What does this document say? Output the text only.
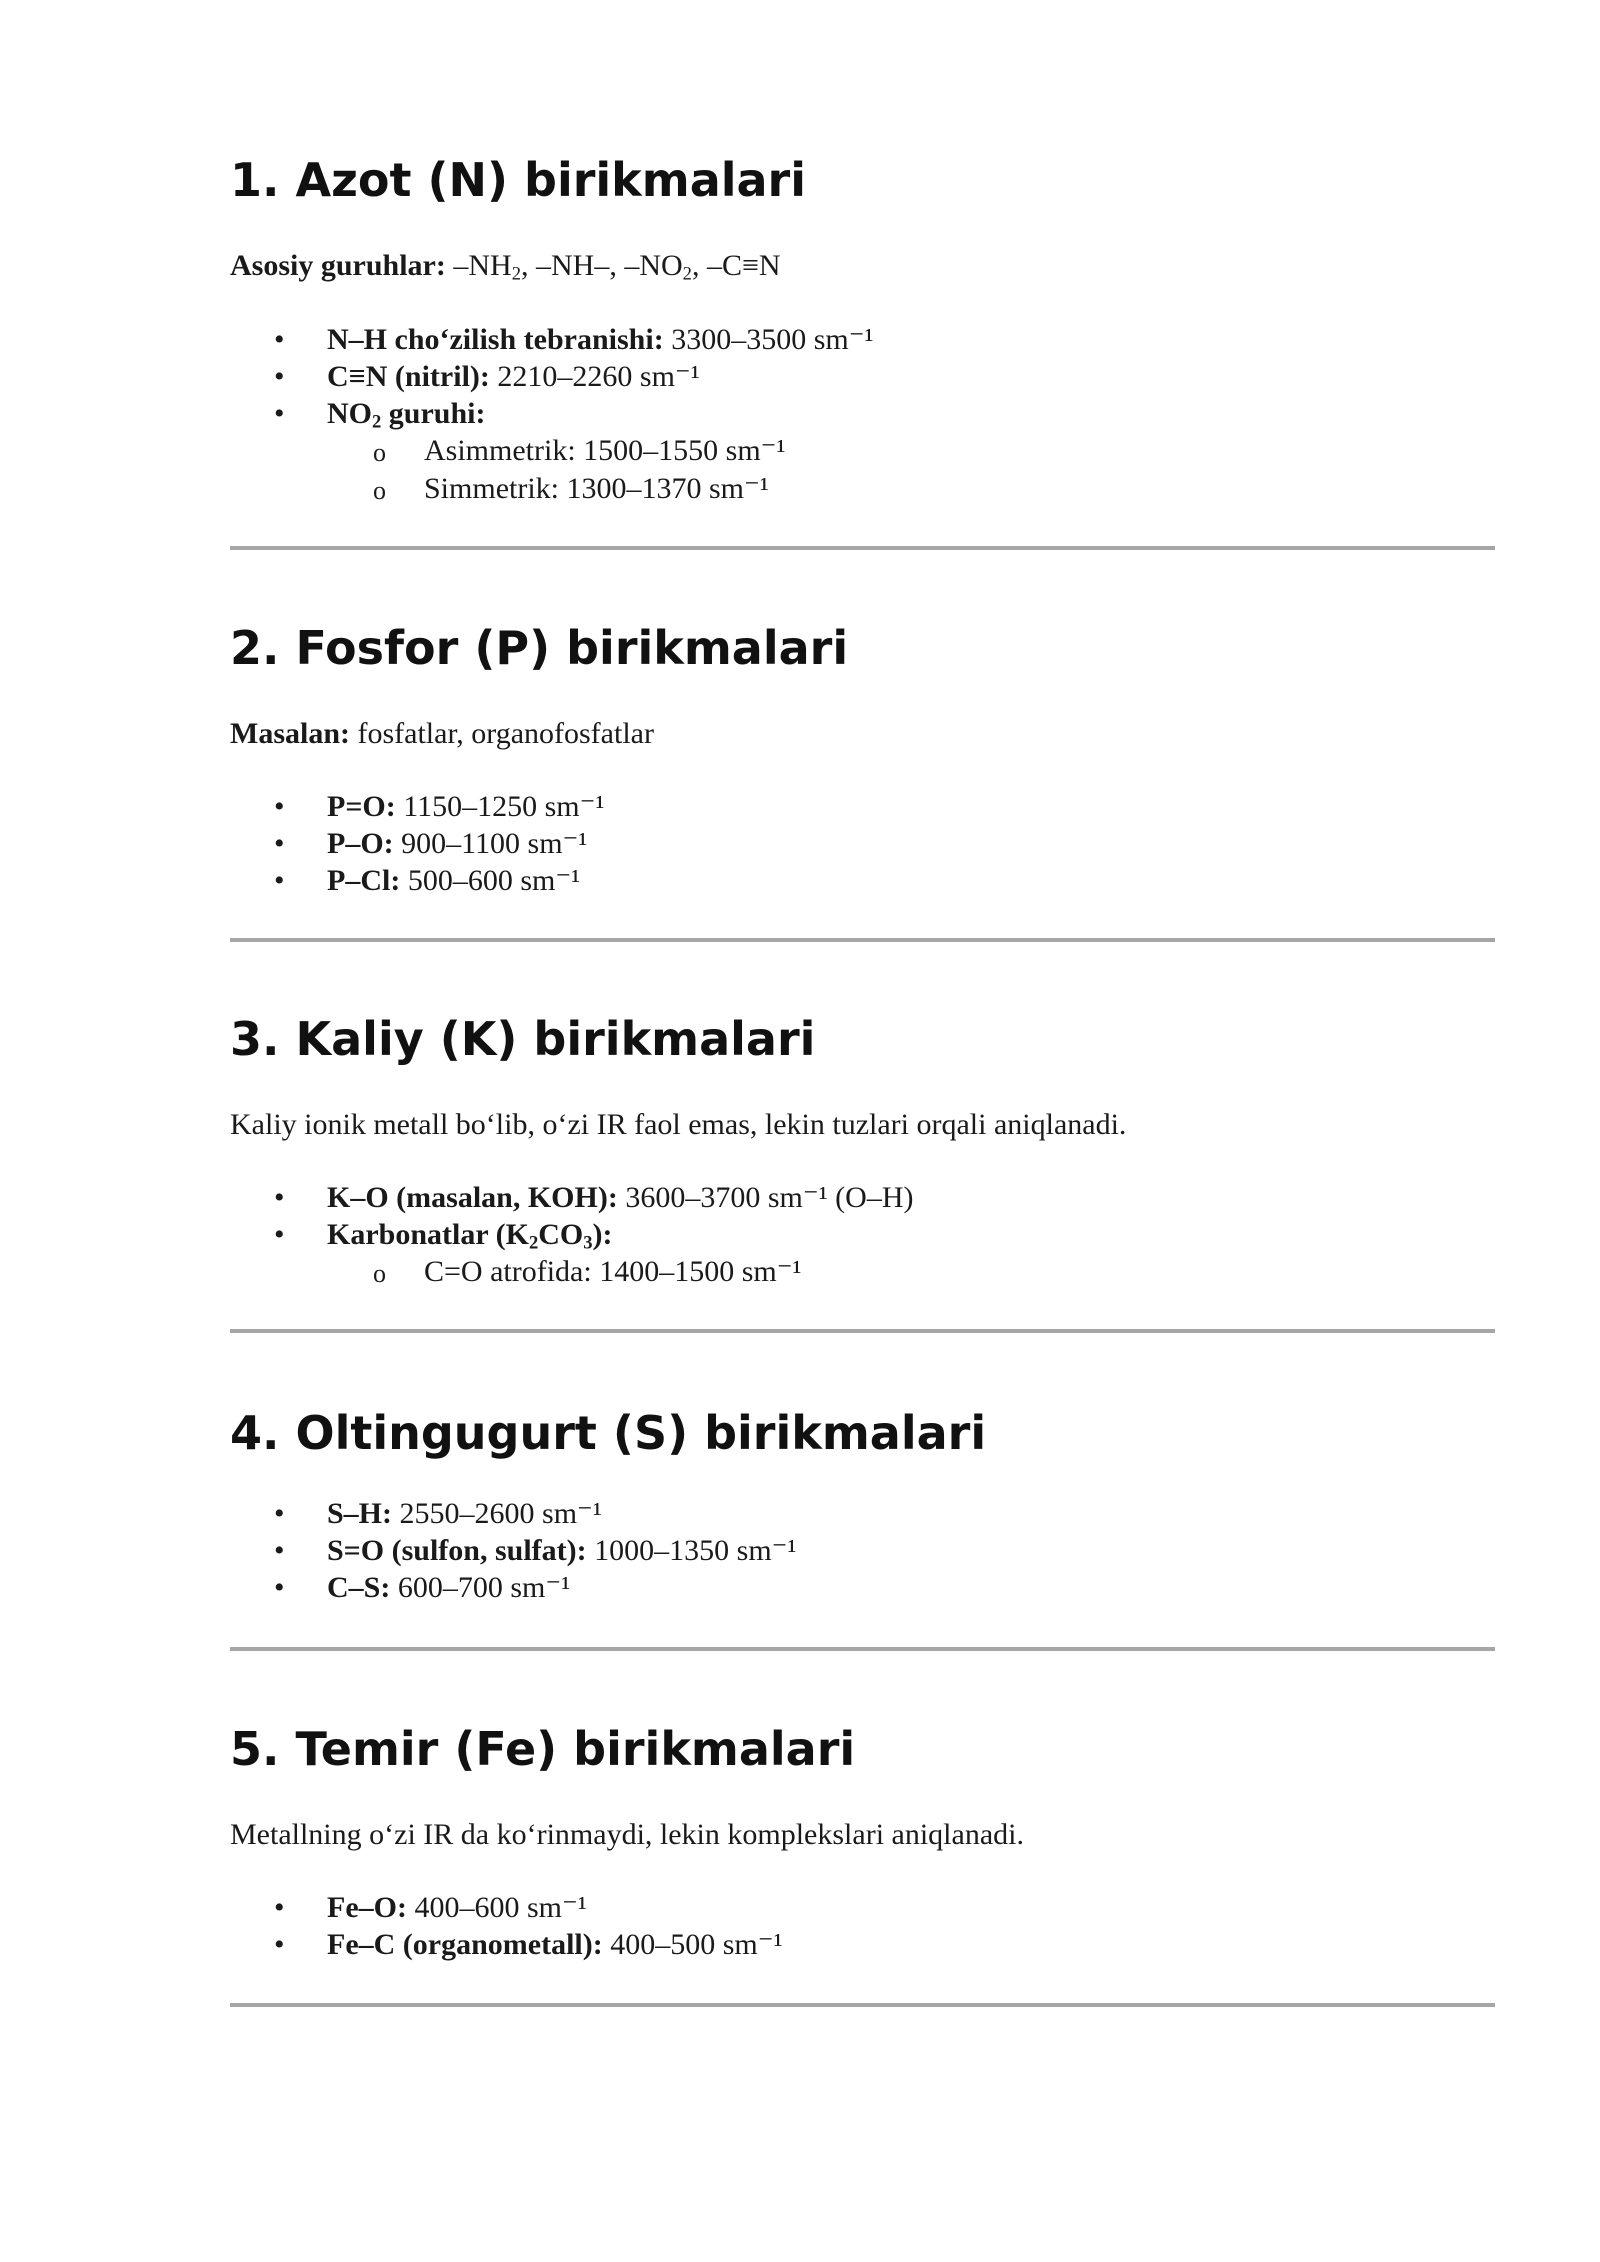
1. Azot (N) birikmalari
Asosiy guruhlar: $-NH_2$, –NH–, $-NO_2$, –C≡N
• N–H cho‘zilish tebranishi: 3300–3500 sm⁻¹
• C≡N (nitril): 2210–2260 sm⁻¹
• $NO_2$ guruhi:
o Asimmetrik: 1500–1550 sm⁻¹
o Simmetrik: 1300–1370 sm⁻¹
2. Fosfor (P) birikmalari
Masalan: fosfatlar, organofosfatlar
• P=O: 1150–1250 sm⁻¹
• P–O: 900–1100 sm⁻¹
• P–Cl: 500–600 sm⁻¹
3. Kaliy (K) birikmalari
Kaliy ionik metall bo‘lib, o‘zi IR faol emas, lekin tuzlari orqali aniqlanadi.
• K–O (masalan, KOH): 3600–3700 sm⁻¹ (O–H)
• Karbonatlar $(K_2CO_3)$:
o C=O atrofida: 1400–1500 sm⁻¹
4. Oltingugurt (S) birikmalari
• S–H: 2550–2600 sm⁻¹
• S=O (sulfon, sulfat): 1000–1350 sm⁻¹
• C–S: 600–700 sm⁻¹
5. Temir (Fe) birikmalari
Metallning o‘zi IR da ko‘rinmaydi, lekin komplekslari aniqlanadi.
• Fe–O: 400–600 sm⁻¹
• Fe–C (organometall): 400–500 sm⁻¹
